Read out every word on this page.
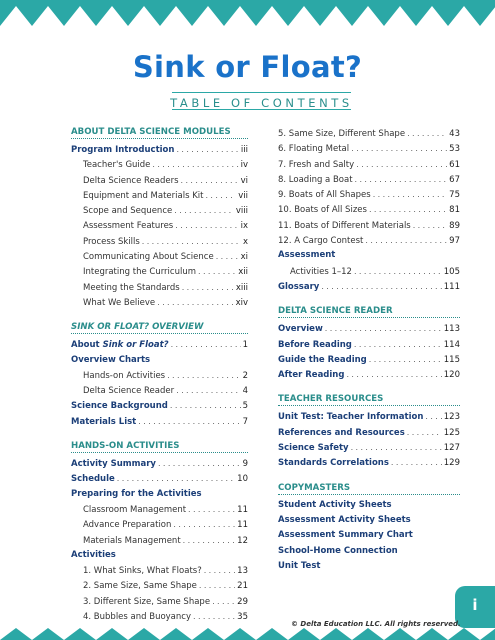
Sink or Float?
TABLE OF CONTENTS
ABOUT DELTA SCIENCE MODULES
Program Introduction .....	iii
Teacher's Guide .....	iv
Delta Science Readers .....	vi
Equipment and Materials Kit .....	vii
Scope and Sequence .....	viii
Assessment Features .....	ix
Process Skills .....	x
Communicating About Science .....	xi
Integrating the Curriculum .....	xii
Meeting the Standards .....	xiii
What We Believe .....	xiv
SINK OR FLOAT? OVERVIEW
About Sink or Float? .....	1
Overview Charts
Hands-on Activities .....	2
Delta Science Reader .....	4
Science Background .....	5
Materials List .....	7
HANDS-ON ACTIVITIES
Activity Summary .....	9
Schedule .....	10
Preparing for the Activities
Classroom Management .....	11
Advance Preparation .....	11
Materials Management .....	12
Activities
1. What Sinks, What Floats? .....	13
2. Same Size, Same Shape .....	21
3. Different Size, Same Shape .....	29
4. Bubbles and Buoyancy .....	35
5. Same Size, Different Shape .....	43
6. Floating Metal .....	53
7. Fresh and Salty .....	61
8. Loading a Boat .....	67
9. Boats of All Shapes .....	75
10. Boats of All Sizes .....	81
11. Boats of Different Materials .....	89
12. A Cargo Contest .....	97
Assessment
Activities 1–12 .....	105
Glossary .....	111
DELTA SCIENCE READER
Overview .....	113
Before Reading .....	114
Guide the Reading .....	115
After Reading .....	120
TEACHER RESOURCES
Unit Test: Teacher Information ..... 123
References and Resources .....	125
Science Safety .....	127
Standards Correlations .....	129
COPYMASTERS
Student Activity Sheets
Assessment Activity Sheets
Assessment Summary Chart
School-Home Connection
Unit Test
i
© Delta Education LLC. All rights reserved.
